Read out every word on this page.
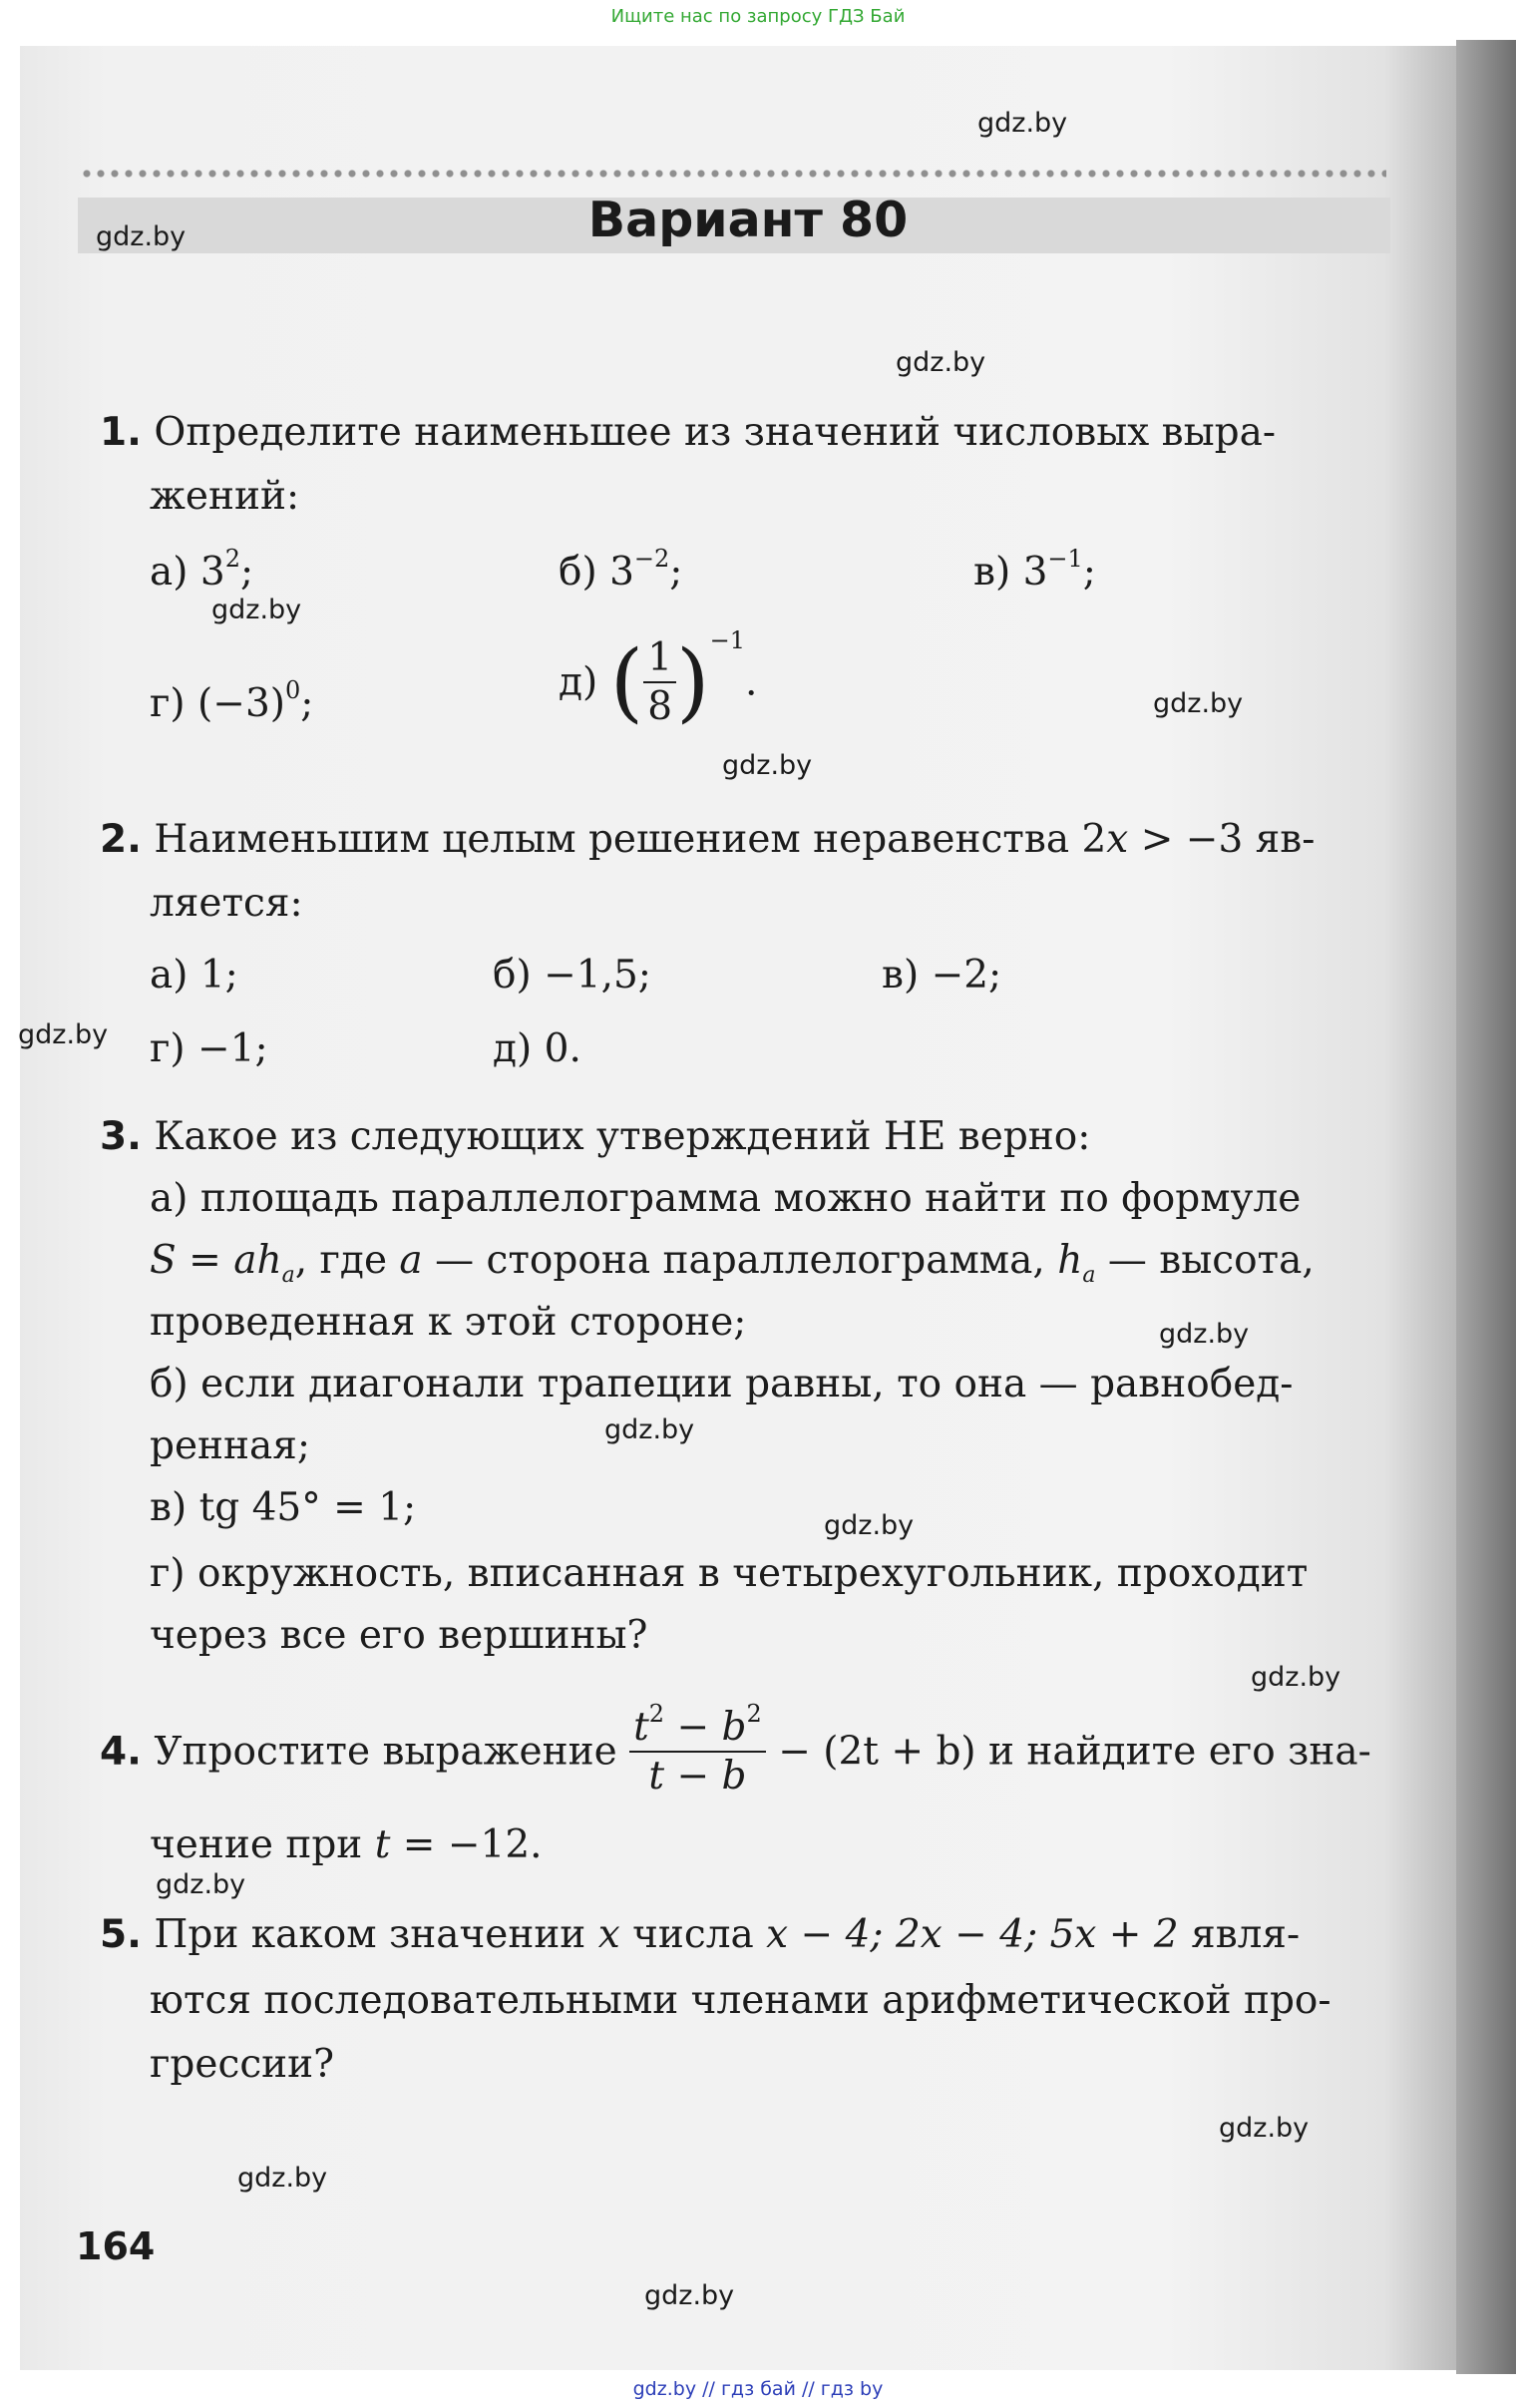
Ищите нас по запросу ГДЗ Бай
Вариант 80
gdz.by
gdz.by
gdz.by
gdz.by
gdz.by
gdz.by
gdz.by
gdz.by
gdz.by
gdz.by
gdz.by
gdz.by
gdz.by
gdz.by
gdz.by
1. Определите наименьшее из значений числовых выра-
жений:
а) $3^2$;	б) $3^{-2}$;	в) $3^{-1}$;
г) $(-3)^0$;	д) ( $\frac{1}{8} )^{-1}$.
2. Наименьшим целым решением неравенства 2x > −3 яв-
ляется:
а) 1;	б) −1,5;	в) −2;
г) −1;	д) 0.
3. Какое из следующих утверждений НЕ верно:
а) площадь параллелограмма можно найти по формуле
$S = ah_a$, где a — сторона параллелограмма, $h_a$ — высота,
проведенная к этой стороне;
б) если диагонали трапеции равны, то она — равнобед-
ренная;
в) tg 45° = 1;
г) окружность, вписанная в четырехугольник, проходит
через все его вершины?
4. Упростите выражение $\frac{t^2 - b^2}{t - b} - (2t + b)$ и найдите его зна-
чение при t = −12.
5. При каком значении x числа x − 4; 2x − 4; 5x + 2 явля-
ются последовательными членами арифметической про-
грессии?
164
gdz.by // гдз бай // гдз by
